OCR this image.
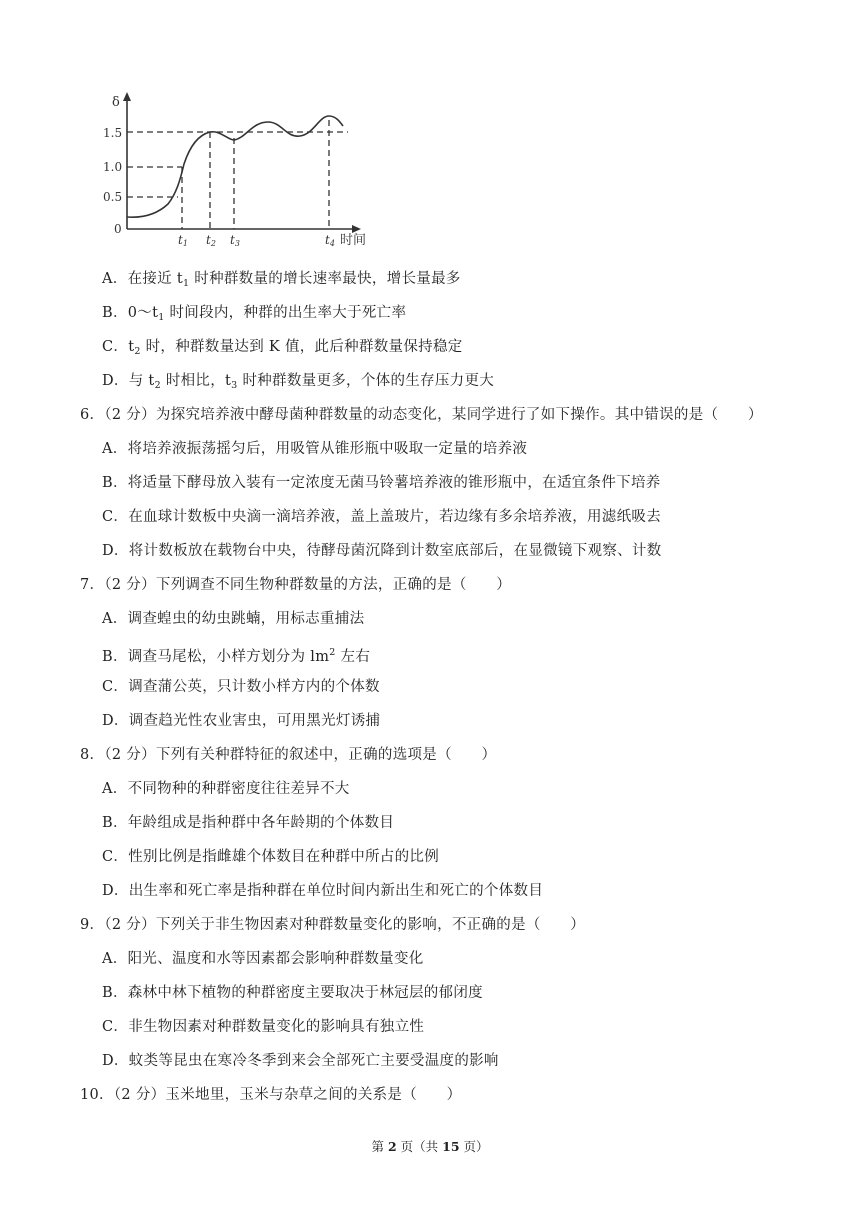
δ
1.5
1.0
0.5
0
t1 t2 t3	t4 时间
A．在接近 $t_1$ 时种群数量的增长速率最快，增长量最多
B．$0\sim t_1$ 时间段内，种群的出生率大于死亡率
C．$t_2$ 时，种群数量达到 K 值，此后种群数量保持稳定
D．与 $t_2$ 时相比，$t_3$ 时种群数量更多，个体的生存压力更大
6．（2 分）为探究培养液中酵母菌种群数量的动态变化，某同学进行了如下操作。其中错误的是（　　）
A．将培养液振荡摇匀后，用吸管从锥形瓶中吸取一定量的培养液
B．将适量下酵母放入装有一定浓度无菌马铃薯培养液的锥形瓶中，在适宜条件下培养
C．在血球计数板中央滴一滴培养液，盖上盖玻片，若边缘有多余培养液，用滤纸吸去
D．将计数板放在载物台中央，待酵母菌沉降到计数室底部后，在显微镜下观察、计数
7．（2 分）下列调查不同生物种群数量的方法，正确的是（　　）
A．调查蝗虫的幼虫跳蝻，用标志重捕法
B．调查马尾松，小样方划分为 $lm^2$ 左右
C．调查蒲公英，只计数小样方内的个体数
D．调查趋光性农业害虫，可用黑光灯诱捕
8．（2 分）下列有关种群特征的叙述中，正确的选项是（　　）
A．不同物种的种群密度往往差异不大
B．年龄组成是指种群中各年龄期的个体数目
C．性别比例是指雌雄个体数目在种群中所占的比例
D．出生率和死亡率是指种群在单位时间内新出生和死亡的个体数目
9．（2 分）下列关于非生物因素对种群数量变化的影响，不正确的是（　　）
A．阳光、温度和水等因素都会影响种群数量变化
B．森林中林下植物的种群密度主要取决于林冠层的郁闭度
C．非生物因素对种群数量变化的影响具有独立性
D．蚊类等昆虫在寒冷冬季到来会全部死亡主要受温度的影响
10．（2 分）玉米地里，玉米与杂草之间的关系是（　　）
第 2 页（共 15 页）
